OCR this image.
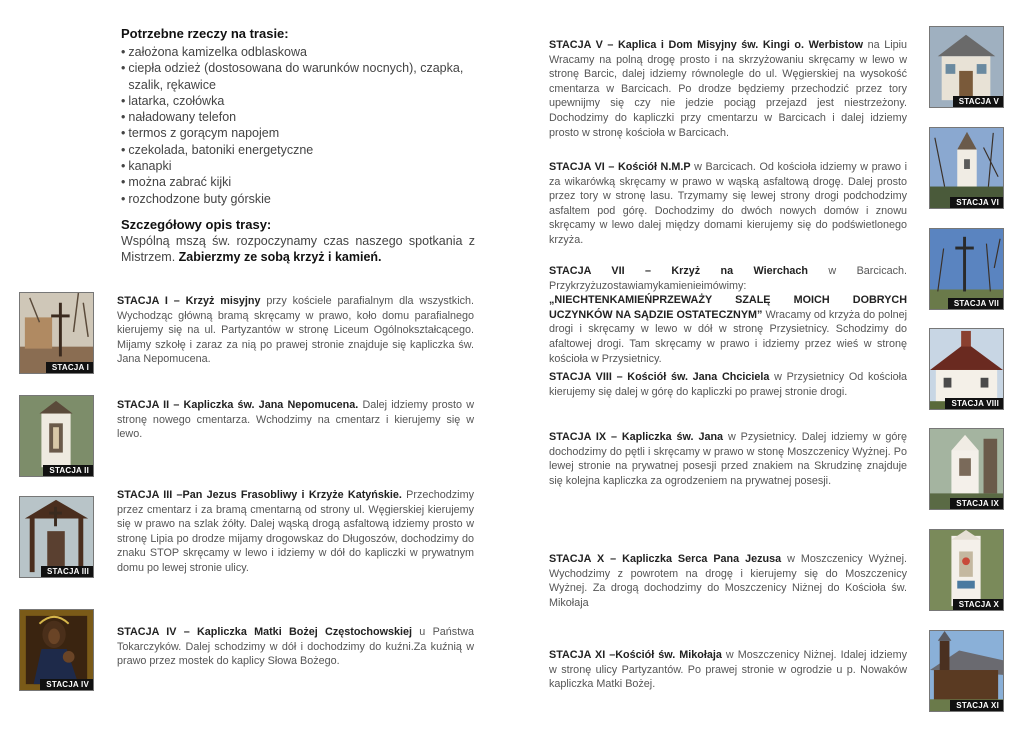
Potrzebne rzeczy na trasie:
• założona kamizelka odblaskowa
• ciepła odzież (dostosowana do warunków nocnych), czapka,
szalik, rękawice
• latarka, czołówka
• naładowany telefon
• termos z gorącym napojem
• czekolada, batoniki energetyczne
• kanapki
• można zabrać kijki
• rozchodzone buty górskie
Szczegółowy opis trasy:
Wspólną mszą św. rozpoczynamy czas naszego spotkania z Mistrzem. Zabierzmy ze sobą krzyż i kamień.
STACJA I
STACJA II
STACJA III
STACJA IV
STACJA V
STACJA VI
STACJA VII
STACJA VIII
STACJA IX
STACJA X
STACJA XI
STACJA I – Krzyż misyjny przy kościele parafialnym dla wszystkich. Wychodząc główną bramą skręcamy w prawo, koło domu parafialnego kierujemy się na ul. Partyzantów w stronę Liceum Ogólnokształcącego. Mijamy szkołę i zaraz za nią po prawej stronie znajduje się kapliczka św. Jana Nepomucena.
STACJA II – Kapliczka św. Jana Nepomucena. Dalej idziemy prosto w stronę nowego cmentarza. Wchodzimy na cmentarz i kierujemy się w lewo.
STACJA III –Pan Jezus Frasobliwy i Krzyże Katyńskie. Przechodzimy przez cmentarz i za bramą cmentarną od strony ul. Węgierskiej kierujemy się w prawo na szlak żółty. Dalej wąską drogą asfaltową idziemy prosto w stronę Lipia po drodze mijamy drogowskaz do Długoszów, dochodzimy do znaku STOP skręcamy w lewo i idziemy w dół do kapliczki w prywatnym domu po lewej stronie ulicy.
STACJA IV – Kapliczka Matki Bożej Częstochowskiej u Państwa Tokarczyków. Dalej schodzimy w dół i dochodzimy do kuźni.Za kuźnią w prawo przez mostek do kaplicy Słowa Bożego.
STACJA V – Kaplica i Dom Misyjny św. Kingi o. Werbistow na Lipiu Wracamy na polną drogę prosto i na skrzyżowaniu skręcamy w lewo w stronę Barcic, dalej idziemy równolegle do ul. Węgierskiej na wysokość cmentarza w Barcicach. Po drodze będziemy przechodzić przez tory upewnijmy się czy nie jedzie pociąg przejazd jest niestrzeżony. Dochodzimy do kapliczki przy cmentarzu w Barcicach i dalej idziemy prosto w stronę kościoła w Barcicach.
STACJA VI – Kościół N.M.P w Barcicach. Od kościoła idziemy w prawo i za wikarówką skręcamy w prawo w wąską asfaltową drogę. Dalej prosto przez tory w stronę lasu. Trzymamy się lewej strony drogi podchodzimy asfaltem pod górę. Dochodzimy do dwóch nowych domów i znowu skręcamy w lewo dalej między domami kierujemy się do podświetlonego krzyża.
STACJA VII – Krzyż na Wierchach w Barcicach. Przykrzyżuzostawiamykamienieimówimy:„NIECHTENKAMIEŃPRZEWAŻY SZALĘ MOICH DOBRYCH UCZYNKÓW NA SĄDZIE OSTATECZNYM” Wracamy od krzyża do polnej drogi i skręcamy w lewo w dół w stronę Przysietnicy. Schodzimy do afaltowej drogi. Tam skręcamy w prawo i idziemy przez wieś w stronę kościoła w Przysietnicy.
STACJA VIII – Kościół św. Jana Chciciela w Przysietnicy Od kościoła kierujemy się dalej w górę do kapliczki po prawej stronie drogi.
STACJA IX – Kapliczka św. Jana w Pzysietnicy. Dalej idziemy w górę dochodzimy do pętli i skręcamy w prawo w stonę Moszczenicy Wyżnej. Po lewej stronie na prywatnej posesji przed znakiem na Skrudzinę znajduje się kolejna kapliczka za ogrodzeniem na prywatnej posesji.
STACJA X – Kapliczka Serca Pana Jezusa w Moszczenicy Wyżnej. Wychodzimy z powrotem na drogę i kierujemy się do Moszczenicy Wyżnej. Za drogą dochodzimy do Moszczenicy Niżnej do Kościoła św. Mikołaja
STACJA XI –Kościół św. Mikołaja w Moszczenicy Niżnej. Idalej idziemy w stronę ulicy Partyzantów. Po prawej stronie w ogrodzie u p. Nowaków kapliczka Matki Bożej.
